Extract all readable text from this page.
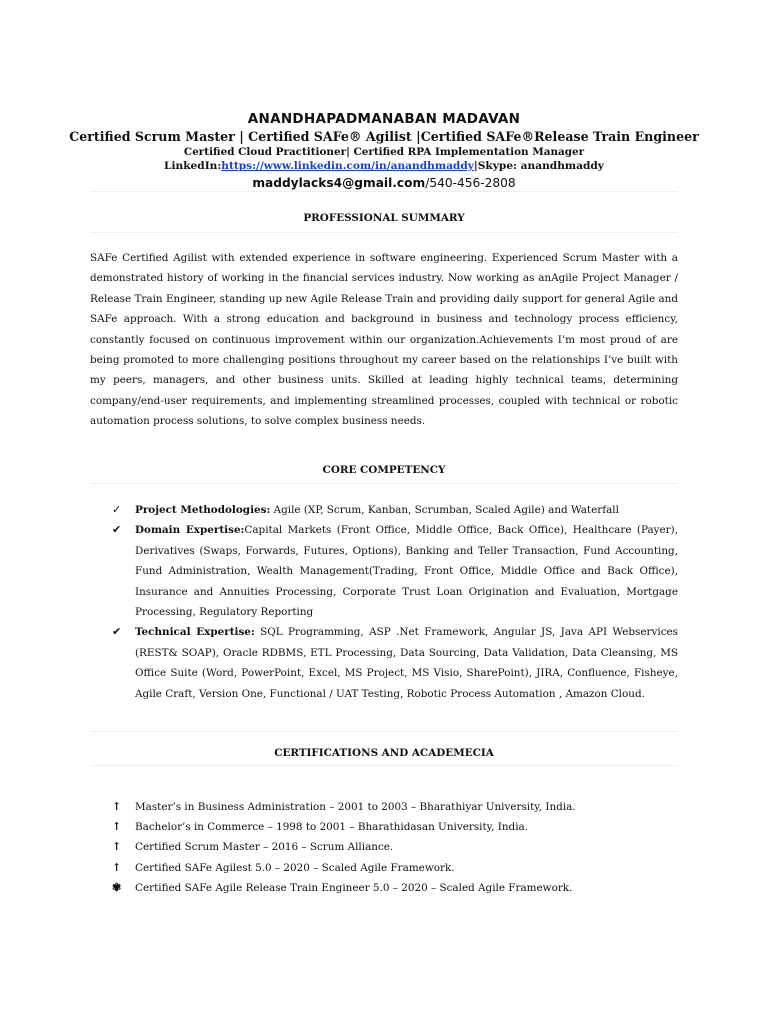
ANANDHAPADMANABAN MADAVAN
Certified Scrum Master | Certified SAFe® Agilist |Certified SAFe®Release Train Engineer
Certified Cloud Practitioner| Certified RPA Implementation Manager
LinkedIn:https://www.linkedin.com/in/anandhmaddy|Skype: anandhmaddy
maddylacks4@gmail.com/540-456-2808
PROFESSIONAL SUMMARY

SAFe Certified Agilist with extended experience in software engineering. Experienced Scrum Master with a demonstrated history of working in the financial services industry. Now working as anAgile Project Manager / Release Train Engineer, standing up new Agile Release Train and providing daily support for general Agile and SAFe approach. With a strong education and background in business and technology process efficiency, constantly focused on continuous improvement within our organization.Achievements I’m most proud of are being promoted to more challenging positions throughout my career based on the relationships I’ve built with my peers, managers, and other business units. Skilled at leading highly technical teams, determining company/end-user requirements, and implementing streamlined processes, coupled with technical or robotic automation process solutions, to solve complex business needs.

CORE COMPETENCY
✓ Project Methodologies: Agile (XP, Scrum, Kanban, Scrumban, Scaled Agile) and Waterfall
✔ Domain Expertise:Capital Markets (Front Office, Middle Office, Back Office), Healthcare (Payer), Derivatives (Swaps, Forwards, Futures, Options), Banking and Teller Transaction, Fund Accounting, Fund Administration, Wealth Management(Trading, Front Office, Middle Office and Back Office), Insurance and Annuities Processing, Corporate Trust Loan Origination and Evaluation, Mortgage Processing, Regulatory Reporting
✔ Technical Expertise: SQL Programming, ASP .Net Framework, Angular JS, Java API Webservices (REST& SOAP), Oracle RDBMS, ETL Processing, Data Sourcing, Data Validation, Data Cleansing, MS Office Suite (Word, PowerPoint, Excel, MS Project, MS Visio, SharePoint), JIRA, Confluence, Fisheye, Agile Craft, Version One, Functional / UAT Testing, Robotic Process Automation , Amazon Cloud.
CERTIFICATIONS AND ACADEMECIA
↑ Master’s in Business Administration – 2001 to 2003 – Bharathiyar University, India.
↑ Bachelor’s in Commerce – 1998 to 2001 – Bharathidasan University, India.
↑ Certified Scrum Master – 2016 – Scrum Alliance.
↑ Certified SAFe Agilest 5.0 – 2020 – Scaled Agile Framework.
✾ Certified SAFe Agile Release Train Engineer 5.0 – 2020 – Scaled Agile Framework.
